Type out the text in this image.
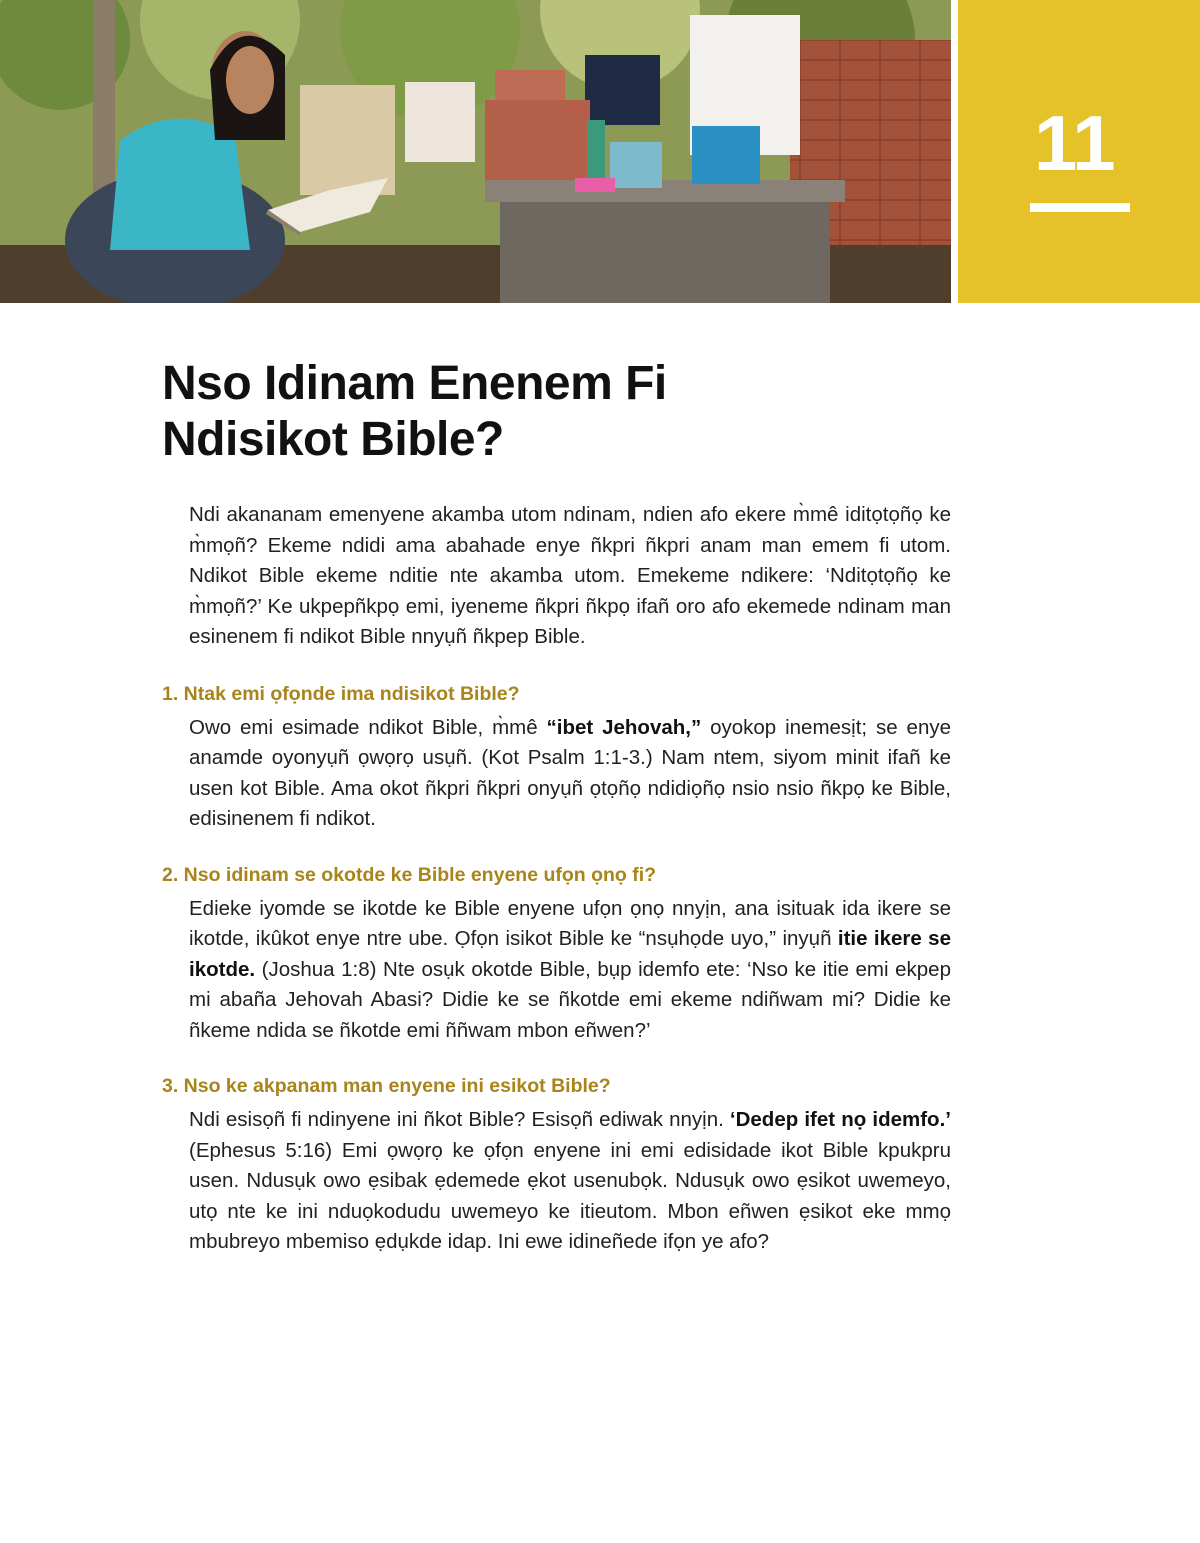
11
Nso Idinam Enenem Fi
Ndisikot Bible?

Ndi akananam emenyene akamba utom ndinam, ndien afo ekere m̀mê iditọtọñọ ke m̀mọñ? Ekeme ndidi ama abahade enye ñkpri ñkpri anam man emem fi utom. Ndikot Bible ekeme nditie nte akamba utom. Emekeme ndikere: ‘Nditọtọñọ ke m̀mọñ?’ Ke ukpepñkpọ emi, iyeneme ñkpri ñkpọ ifañ oro afo ekemede ndinam man esinenem fi ndikot Bible nnyụñ ñkpep Bible.

1. Ntak emi ọfọnde ima ndisikot Bible?

Owo emi esimade ndikot Bible, m̀mê “ibet Jehovah,” oyokop inemesịt; se enye anamde oyonyụñ ọwọrọ usụñ. (Kot Psalm 1:1-3.) Nam ntem, siyom minit ifañ ke usen kot Bible. Ama okot ñkpri ñkpri onyụñ ọtọñọ ndidiọñọ nsio nsio ñkpọ ke Bible, edisinenem fi ndikot.

2. Nso idinam se okotde ke Bible enyene ufọn ọnọ fi?

Edieke iyomde se ikotde ke Bible enyene ufọn ọnọ nnyịn, ana isituak ida ikere se ikotde, ikûkot enye ntre ube. Ọfọn isikot Bible ke “nsụhọde uyo,” inyụñ itie ikere se ikotde. (Joshua 1:8) Nte osụk okotde Bible, bụp idemfo ete: ‘Nso ke itie emi ekpep mi abaña Jehovah Abasi? Didie ke se ñkotde emi ekeme ndiñwam mi? Didie ke ñkeme ndida se ñkotde emi ññwam mbon eñwen?’

3. Nso ke akpanam man enyene ini esikot Bible?

Ndi esisọñ fi ndinyene ini ñkot Bible? Esisọñ ediwak nnyịn. ‘Dedep ifet nọ idemfo.’ (Ephesus 5:16) Emi ọwọrọ ke ọfọn enyene ini emi edisidade ikot Bible kpukpru usen. Ndusụk owo ẹsibak ẹdemede ẹkot usenubọk. Ndusụk owo ẹsikot uwemeyo, utọ nte ke ini nduọkodudu uwemeyo ke itieutom. Mbon eñwen ẹsikot eke mmọ mbubreyo mbemiso ẹdụkde idap. Ini ewe idineñede ifọn ye afo?
